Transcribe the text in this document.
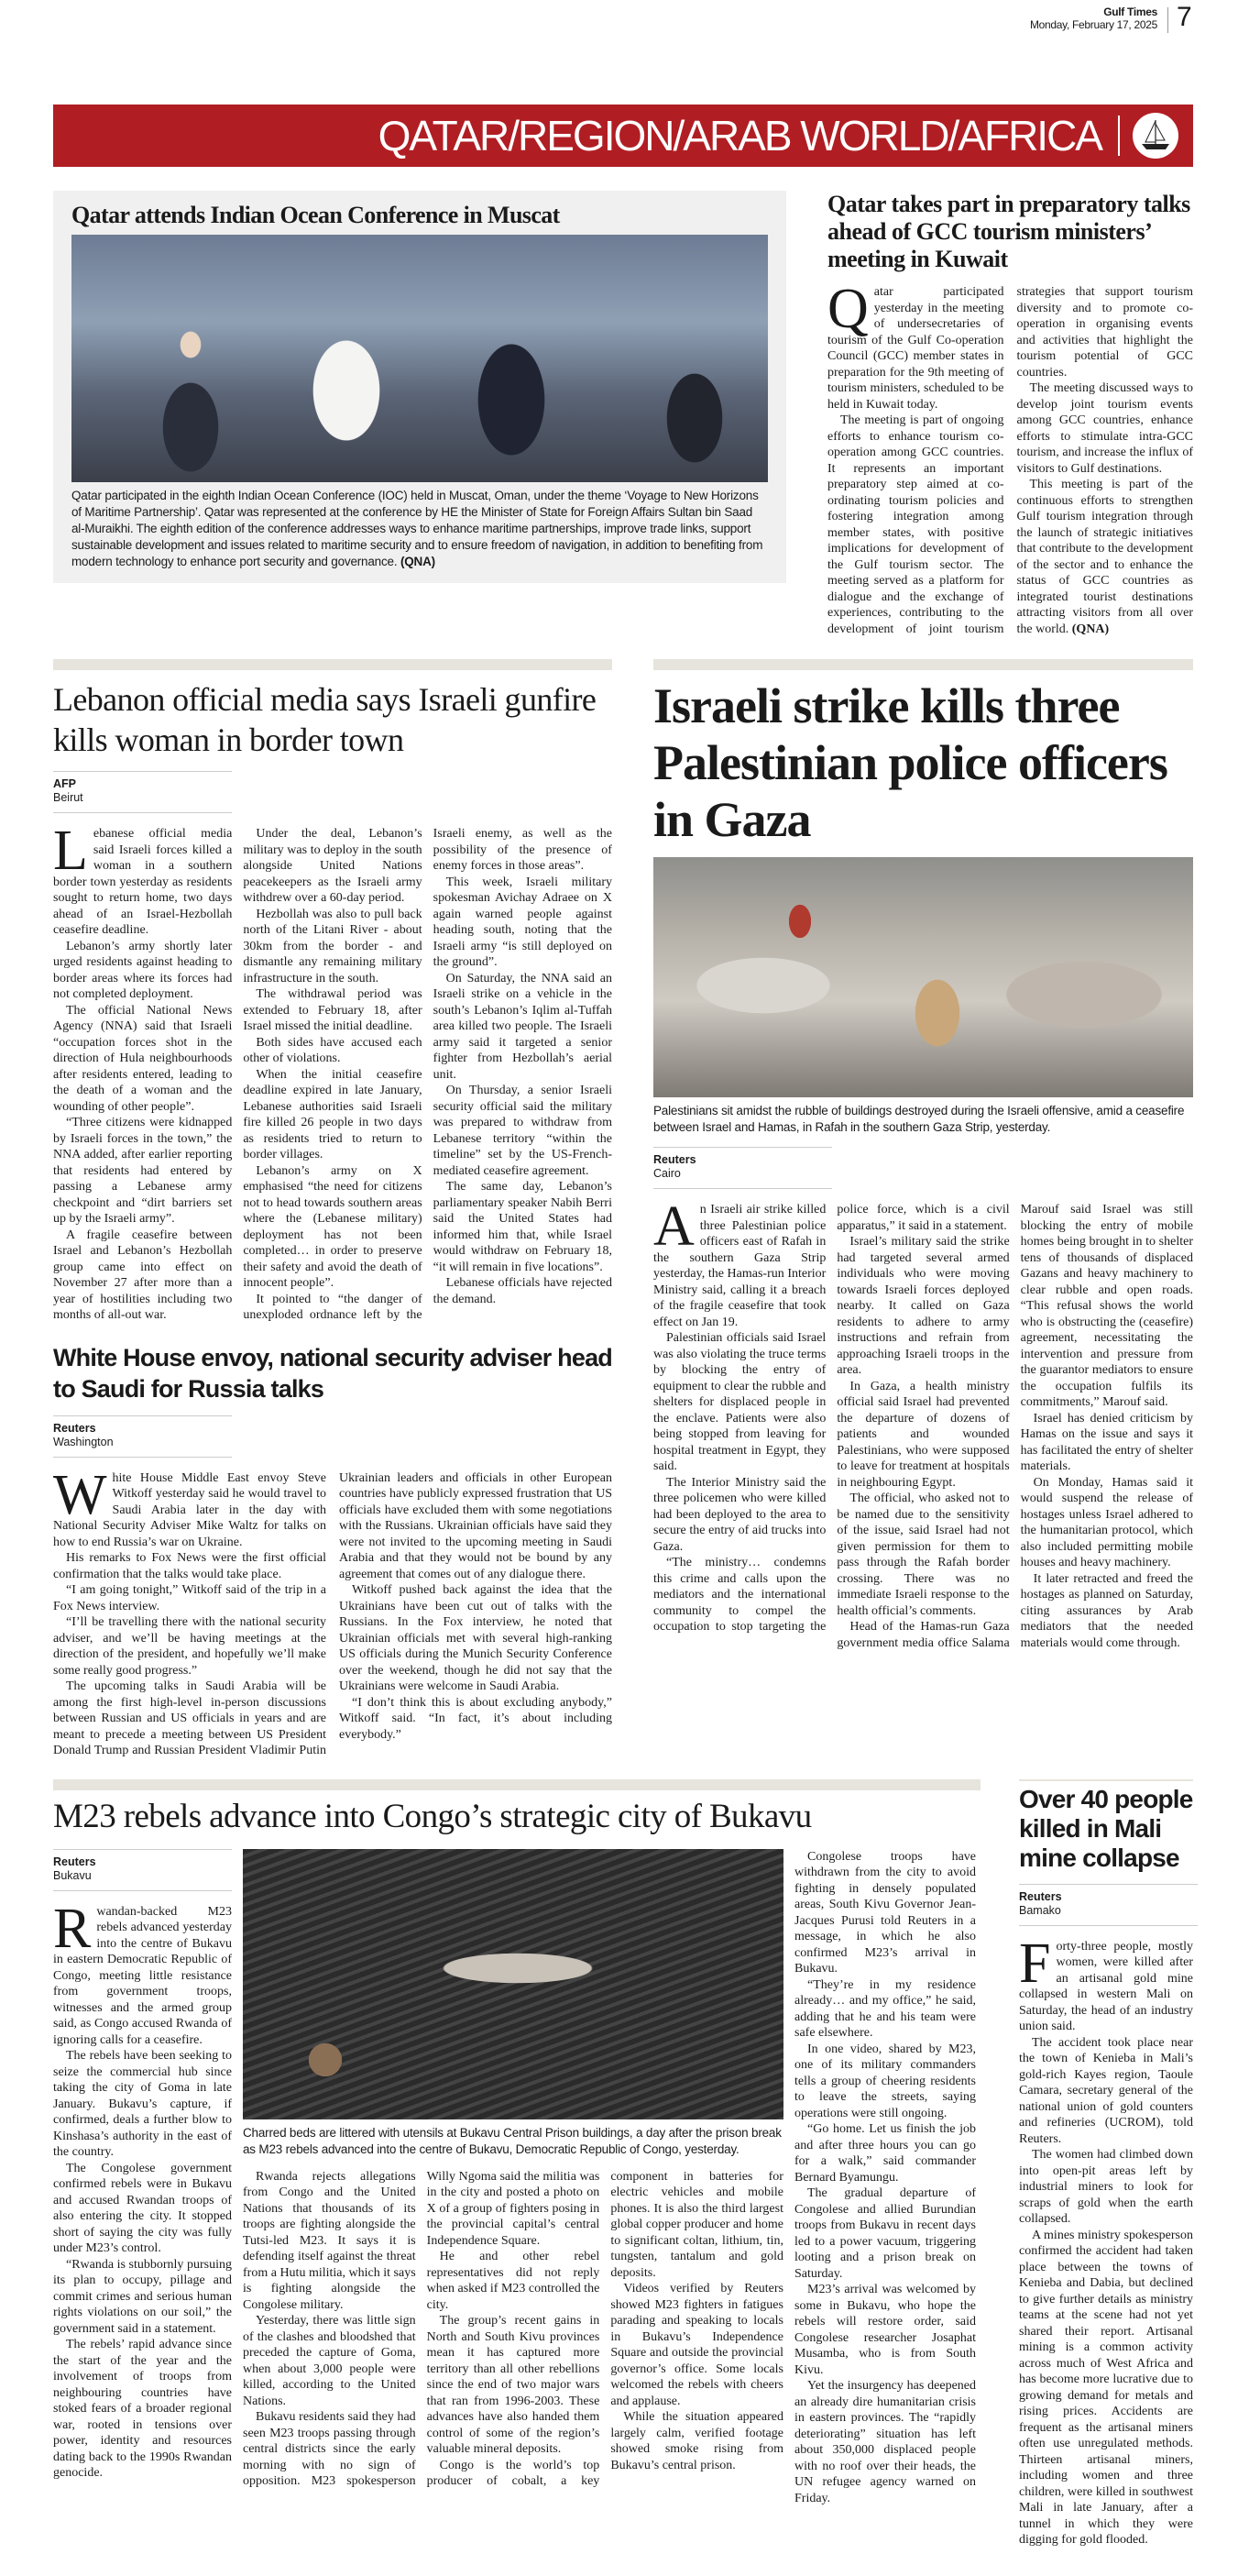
Gulf Times
Monday, February 17, 2025 7
QATAR/REGION/ARAB WORLD/AFRICA
Qatar attends Indian Ocean Conference in Muscat
Qatar participated in the eighth Indian Ocean Conference (IOC) held in Muscat, Oman, under the theme ‘Voyage to New Horizons of Maritime Partnership’. Qatar was represented at the conference by HE the Minister of State for Foreign Affairs Sultan bin Saad al-Muraikhi. The eighth edition of the conference addresses ways to enhance maritime partnerships, improve trade links, support sustainable development and issues related to maritime security and to ensure freedom of navigation, in addition to benefiting from modern technology to enhance port security and governance. (QNA)
Qatar takes part in preparatory talks ahead of GCC tourism ministers’ meeting in Kuwait

Qatar participated yesterday in the meeting of undersecretaries of tourism of the Gulf Co-operation Council (GCC) member states in preparation for the 9th meeting of tourism ministers, scheduled to be held in Kuwait today.

The meeting is part of ongoing efforts to enhance tourism co-operation among GCC countries. It represents an important preparatory step aimed at co-ordinating tourism policies and fostering integration among member states, with positive implications for development of the Gulf tourism sector. The meeting served as a platform for dialogue and the exchange of experiences, contributing to the development of joint tourism strategies that support tourism diversity and to promote co-operation in organising events and activities that highlight the tourism potential of GCC countries.

The meeting discussed ways to develop joint tourism events among GCC countries, enhance efforts to stimulate intra-GCC tourism, and increase the influx of visitors to Gulf destinations.

This meeting is part of the continuous efforts to strengthen Gulf tourism integration through the launch of strategic initiatives that contribute to the development of the sector and to enhance the status of GCC countries as integrated tourist destinations attracting visitors from all over the world. (QNA)

Lebanon official media says Israeli gunfire kills woman in border town
AFP
Beirut

Lebanese official media said Israeli forces killed a woman in a southern border town yesterday as residents sought to return home, two days ahead of an Israel-Hezbollah ceasefire deadline.

Lebanon’s army shortly later urged residents against heading to border areas where its forces had not completed deployment.

The official National News Agency (NNA) said that Israeli “occupation forces shot in the direction of Hula neighbourhoods after residents entered, leading to the death of a woman and the wounding of other people”.

“Three citizens were kidnapped by Israeli forces in the town,” the NNA added, after earlier reporting that residents had entered by passing a Lebanese army checkpoint and “dirt barriers set up by the Israeli army”.

A fragile ceasefire between Israel and Lebanon’s Hezbollah group came into effect on November 27 after more than a year of hostilities including two months of all-out war.

Under the deal, Lebanon’s military was to deploy in the south alongside United Nations peacekeepers as the Israeli army withdrew over a 60-day period.

Hezbollah was also to pull back north of the Litani River - about 30km from the border - and dismantle any remaining military infrastructure in the south.

The withdrawal period was extended to February 18, after Israel missed the initial deadline.

Both sides have accused each other of violations.

When the initial ceasefire deadline expired in late January, Lebanese authorities said Israeli fire killed 26 people in two days as residents tried to return to border villages.

Lebanon’s army on X emphasised “the need for citizens not to head towards southern areas where the (Lebanese military) deployment has not been completed… in order to preserve their safety and avoid the death of innocent people”.

It pointed to “the danger of unexploded ordnance left by the Israeli enemy, as well as the possibility of the presence of enemy forces in those areas”.

This week, Israeli military spokesman Avichay Adraee on X again warned people against heading south, noting that the Israeli army “is still deployed on the ground”.

On Saturday, the NNA said an Israeli strike on a vehicle in the south’s Lebanon’s Iqlim al-Tuffah area killed two people. The Israeli army said it targeted a senior fighter from Hezbollah’s aerial unit.

On Thursday, a senior Israeli security official said the military was prepared to withdraw from Lebanese territory “within the timeline” set by the US-French-mediated ceasefire agreement.

The same day, Lebanon’s parliamentary speaker Nabih Berri said the United States had informed him that, while Israel would withdraw on February 18, “it will remain in five locations”.

Lebanese officials have rejected the demand.

White House envoy, national security adviser head to Saudi for Russia talks
Reuters
Washington

White House Middle East envoy Steve Witkoff yesterday said he would travel to Saudi Arabia later in the day with National Security Adviser Mike Waltz for talks on how to end Russia’s war on Ukraine.

His remarks to Fox News were the first official confirmation that the talks would take place.

“I am going tonight,” Witkoff said of the trip in a Fox News interview.

“I’ll be travelling there with the national security adviser, and we’ll be having meetings at the direction of the president, and hopefully we’ll make some really good progress.”

The upcoming talks in Saudi Arabia will be among the first high-level in-person discussions between Russian and US officials in years and are meant to precede a meeting between US President Donald Trump and Russian President Vladimir Putin Ukrainian leaders and officials in other European countries have publicly expressed frustration that US officials have excluded them with some negotiations with the Russians. Ukrainian officials have said they were not invited to the upcoming meeting in Saudi Arabia and that they would not be bound by any agreement that comes out of any dialogue there.

Witkoff pushed back against the idea that the Ukrainians have been cut out of talks with the Russians. In the Fox interview, he noted that Ukrainian officials met with several high-ranking US officials during the Munich Security Conference over the weekend, though he did not say that the Ukrainians were welcome in Saudi Arabia.

“I don’t think this is about excluding anybody,” Witkoff said. “In fact, it’s about including everybody.”

Israeli strike kills three Palestinian police officers in Gaza
Palestinians sit amidst the rubble of buildings destroyed during the Israeli offensive, amid a ceasefire between Israel and Hamas, in Rafah in the southern Gaza Strip, yesterday.
Reuters
Cairo

An Israeli air strike killed three Palestinian police officers east of Rafah in the southern Gaza Strip yesterday, the Hamas-run Interior Ministry said, calling it a breach of the fragile ceasefire that took effect on Jan 19.

Palestinian officials said Israel was also violating the truce terms by blocking the entry of equipment to clear the rubble and shelters for displaced people in the enclave. Patients were also being stopped from leaving for hospital treatment in Egypt, they said.

The Interior Ministry said the three policemen who were killed had been deployed to the area to secure the entry of aid trucks into Gaza.

“The ministry… condemns this crime and calls upon the mediators and the international community to compel the occupation to stop targeting the police force, which is a civil apparatus,” it said in a statement.

Israel’s military said the strike had targeted several armed individuals who were moving towards Israeli forces deployed nearby. It called on Gaza residents to adhere to army instructions and refrain from approaching Israeli troops in the area.

In Gaza, a health ministry official said Israel had prevented the departure of dozens of patients and wounded Palestinians, who were supposed to leave for treatment at hospitals in neighbouring Egypt.

The official, who asked not to be named due to the sensitivity of the issue, said Israel had not given permission for them to pass through the Rafah border crossing. There was no immediate Israeli response to the health official’s comments.

Head of the Hamas-run Gaza government media office Salama Marouf said Israel was still blocking the entry of mobile homes being brought in to shelter tens of thousands of displaced Gazans and heavy machinery to clear rubble and open roads. “This refusal shows the world who is obstructing the (ceasefire) agreement, necessitating the intervention and pressure from the guarantor mediators to ensure the occupation fulfils its commitments,” Marouf said.

Israel has denied criticism by Hamas on the issue and says it has facilitated the entry of shelter materials.

On Monday, Hamas said it would suspend the release of hostages unless Israel adhered to the humanitarian protocol, which also included permitting mobile houses and heavy machinery.

It later retracted and freed the hostages as planned on Saturday, citing assurances by Arab mediators that the needed materials would come through.

M23 rebels advance into Congo’s strategic city of Bukavu
Reuters
Bukavu

Rwandan-backed M23 rebels advanced yesterday into the centre of Bukavu in eastern Democratic Republic of Congo, meeting little resistance from government troops, witnesses and the armed group said, as Congo accused Rwanda of ignoring calls for a ceasefire.

The rebels have been seeking to seize the commercial hub since taking the city of Goma in late January. Bukavu’s capture, if confirmed, deals a further blow to Kinshasa’s authority in the east of the country.

The Congolese government confirmed rebels were in Bukavu and accused Rwandan troops of also entering the city. It stopped short of saying the city was fully under M23’s control.

“Rwanda is stubbornly pursuing its plan to occupy, pillage and commit crimes and serious human rights violations on our soil,” the government said in a statement.

The rebels’ rapid advance since the start of the year and the involvement of troops from neighbouring countries have stoked fears of a broader regional war, rooted in tensions over power, identity and resources dating back to the 1990s Rwandan genocide.

Charred beds are littered with utensils at Bukavu Central Prison buildings, a day after the prison break as M23 rebels advanced into the centre of Bukavu, Democratic Republic of Congo, yesterday.

Rwanda rejects allegations from Congo and the United Nations that thousands of its troops are fighting alongside the Tutsi-led M23. It says it is defending itself against the threat from a Hutu militia, which it says is fighting alongside the Congolese military.

Yesterday, there was little sign of the clashes and bloodshed that preceded the capture of Goma, when about 3,000 people were killed, according to the United Nations.

Bukavu residents said they had seen M23 troops passing through central districts since the early morning with no sign of opposition. M23 spokesperson Willy Ngoma said the militia was in the city and posted a photo on X of a group of fighters posing in the provincial capital’s central Independence Square.

He and other rebel representatives did not reply when asked if M23 controlled the city.

The group’s recent gains in North and South Kivu provinces mean it has captured more territory than all other rebellions since the end of two major wars that ran from 1996-2003. These advances have also handed them control of some of the region’s valuable mineral deposits.

Congo is the world’s top producer of cobalt, a key component in batteries for electric vehicles and mobile phones. It is also the third largest global copper producer and home to significant coltan, lithium, tin, tungsten, tantalum and gold deposits.

Videos verified by Reuters showed M23 fighters in fatigues parading and speaking to locals in Bukavu’s Independence Square and outside the provincial governor’s office. Some locals welcomed the rebels with cheers and applause.

While the situation appeared largely calm, verified footage showed smoke rising from Bukavu’s central prison.

Congolese troops have withdrawn from the city to avoid fighting in densely populated areas, South Kivu Governor Jean-Jacques Purusi told Reuters in a message, in which he also confirmed M23’s arrival in Bukavu.

“They’re in my residence already… and my office,” he said, adding that he and his team were safe elsewhere.

In one video, shared by M23, one of its military commanders tells a group of cheering residents to leave the streets, saying operations were still ongoing.

“Go home. Let us finish the job and after three hours you can go for a walk,” said commander Bernard Byamungu.

The gradual departure of Congolese and allied Burundian troops from Bukavu in recent days led to a power vacuum, triggering looting and a prison break on Saturday.

M23’s arrival was welcomed by some in Bukavu, who hope the rebels will restore order, said Congolese researcher Josaphat Musamba, who is from South Kivu.

Yet the insurgency has deepened an already dire humanitarian crisis in eastern provinces. The “rapidly deteriorating” situation has left about 350,000 displaced people with no roof over their heads, the UN refugee agency warned on Friday.

Over 40 people killed in Mali mine collapse
Reuters
Bamako

Forty-three people, mostly women, were killed after an artisanal gold mine collapsed in western Mali on Saturday, the head of an industry union said.

The accident took place near the town of Kenieba in Mali’s gold-rich Kayes region, Taoule Camara, secretary general of the national union of gold counters and refineries (UCROM), told Reuters.

The women had climbed down into open-pit areas left by industrial miners to look for scraps of gold when the earth collapsed.

A mines ministry spokesperson confirmed the accident had taken place between the towns of Kenieba and Dabia, but declined to give further details as ministry teams at the scene had not yet shared their report. Artisanal mining is a common activity across much of West Africa and has become more lucrative due to growing demand for metals and rising prices. Accidents are frequent as the artisanal miners often use unregulated methods. Thirteen artisanal miners, including women and three children, were killed in southwest Mali in late January, after a tunnel in which they were digging for gold flooded.
